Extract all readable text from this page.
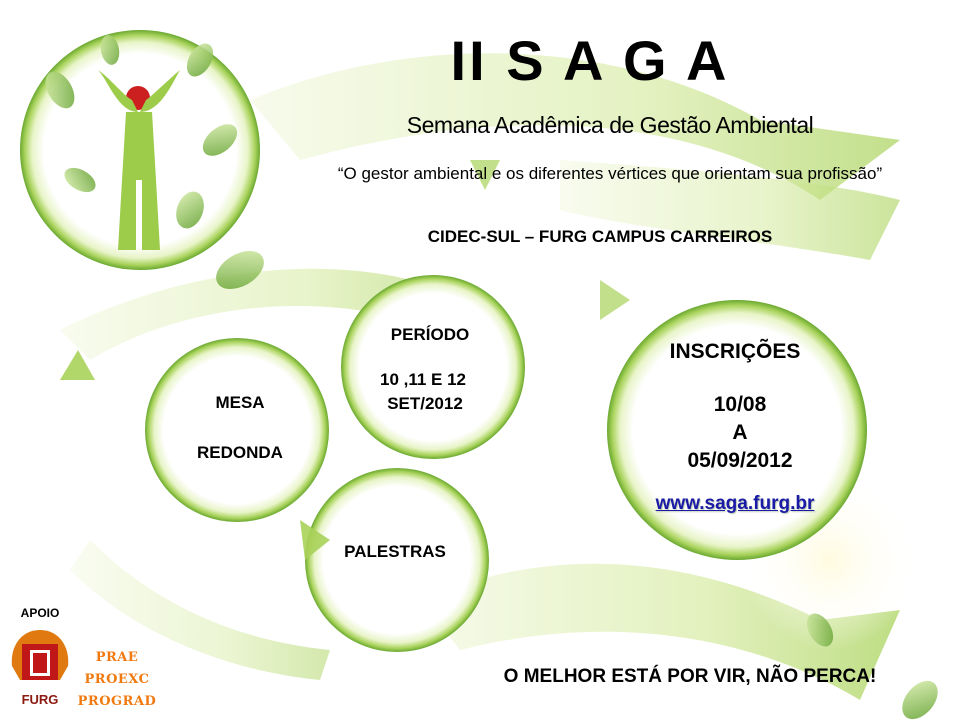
II S A G A
Semana Acadêmica de Gestão Ambiental
“O gestor ambiental e os diferentes vértices que orientam sua profissão”
CIDEC-SUL – FURG CAMPUS CARREIROS
PERÍODO
10 ,11 E 12
SET/2012
MESA
REDONDA
PALESTRAS
INSCRIÇÕES
10/08
A
05/09/2012
www.saga.furg.br
O MELHOR ESTÁ POR VIR, NÃO PERCA!
APOIO
FURG
PRAE
PROEXC
PROGRAD
